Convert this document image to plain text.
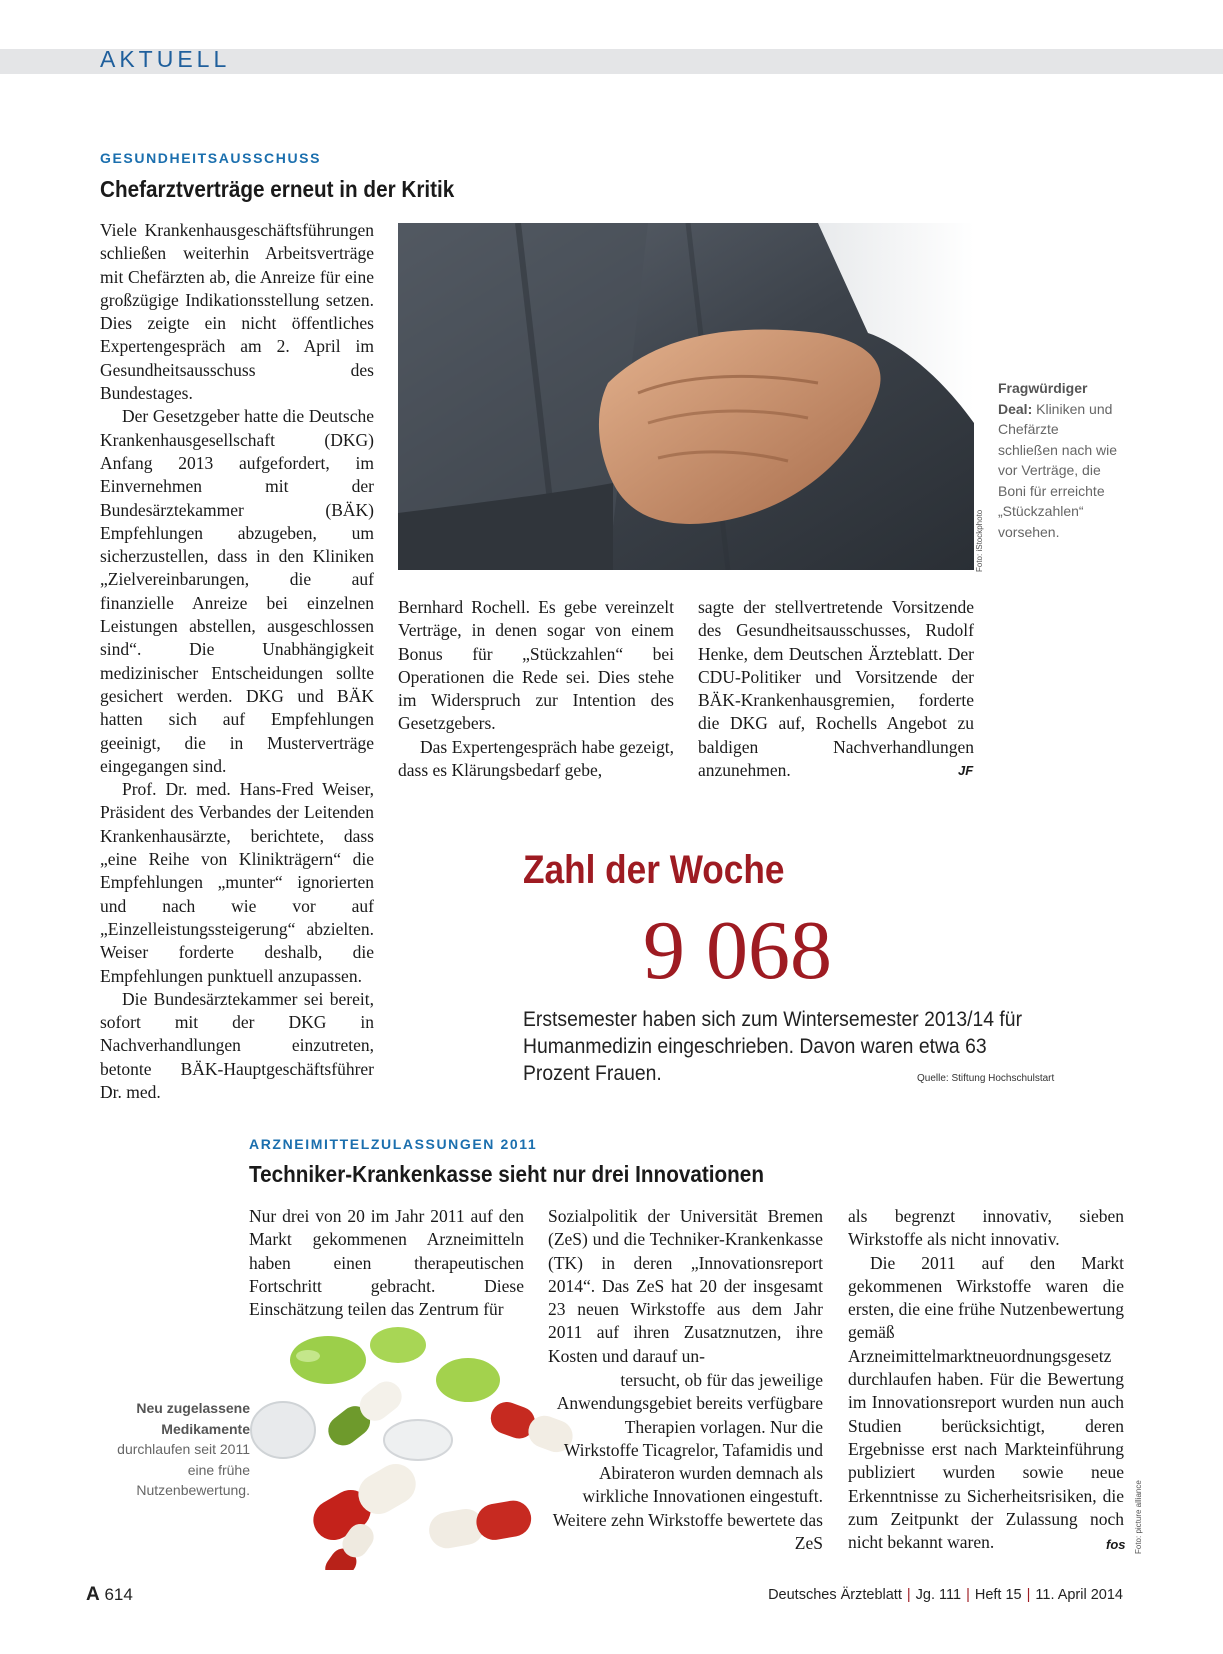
AKTUELL
GESUNDHEITSAUSSCHUSS
Chefarztverträge erneut in der Kritik

Viele Krankenhausgeschäftsführungen schließen weiterhin Arbeitsverträge mit Chefärzten ab, die Anreize für eine großzügige Indikationsstellung setzen. Dies zeigte ein nicht öffentliches Expertengespräch am 2. April im Gesundheitsausschuss des Bundestages.

Der Gesetzgeber hatte die Deutsche Krankenhausgesellschaft (DKG) Anfang 2013 aufgefordert, im Einvernehmen mit der Bundesärztekammer (BÄK) Empfehlungen abzugeben, um sicherzustellen, dass in den Kliniken „Zielvereinbarungen, die auf finanzielle Anreize bei einzelnen Leistungen abstellen, ausgeschlossen sind“. Die Unabhängigkeit medizinischer Entscheidungen sollte gesichert werden. DKG und BÄK hatten sich auf Empfehlungen geeinigt, die in Musterverträge eingegangen sind.

Prof. Dr. med. Hans-Fred Weiser, Präsident des Verbandes der Leitenden Krankenhausärzte, berichtete, dass „eine Reihe von Klinikträgern“ die Empfehlungen „munter“ ignorierten und nach wie vor auf „Einzelleistungssteigerung“ abzielten. Weiser forderte deshalb, die Empfehlungen punktuell anzupassen.

Die Bundesärztekammer sei bereit, sofort mit der DKG in Nachverhandlungen einzutreten, betonte BÄK-Hauptgeschäftsführer Dr. med.

Foto: iStockphoto
Fragwürdiger Deal: Kliniken und Chefärzte schließen nach wie vor Verträge, die Boni für erreichte „Stückzahlen“ vorsehen.

Bernhard Rochell. Es gebe vereinzelt Verträge, in denen sogar von einem Bonus für „Stückzahlen“ bei Operationen die Rede sei. Dies stehe im Widerspruch zur Intention des Gesetzgebers.

Das Expertengespräch habe gezeigt, dass es Klärungsbedarf gebe,

sagte der stellvertretende Vorsitzende des Gesundheitsausschusses, Rudolf Henke, dem Deutschen Ärzteblatt. Der CDU-Politiker und Vorsitzende der BÄK-Krankenhausgremien, forderte die DKG auf, Rochells Angebot zu baldigen Nachverhandlungen anzunehmen.	JF
Zahl der Woche
9 068
Erstsemester haben sich zum Wintersemester 2013/14 für Humanmedizin eingeschrieben. Davon waren etwa 63 Prozent Frauen.	Quelle: Stiftung Hochschulstart
ARZNEIMITTELZULASSUNGEN 2011
Techniker-Krankenkasse sieht nur drei Innovationen
Neu zugelassene Medikamente durchlaufen seit 2011 eine frühe Nutzenbewertung.

Nur drei von 20 im Jahr 2011 auf den Markt gekommenen Arzneimitteln haben einen therapeutischen Fortschritt gebracht. Diese Einschätzung teilen das Zentrum für

Sozialpolitik der Universität Bremen (ZeS) und die Techniker-Krankenkasse (TK) in deren „Innovationsreport 2014“. Das ZeS hat 20 der insgesamt 23 neuen Wirkstoffe aus dem Jahr 2011 auf ihren Zusatznutzen, ihre Kosten und darauf un-

tersucht, ob für das jeweilige Anwendungsgebiet bereits verfügbare Therapien vorlagen. Nur die Wirkstoffe Ticagrelor, Tafamidis und Abirateron wurden demnach als wirkliche Innovationen eingestuft. Weitere zehn Wirkstoffe bewertete das ZeS

als begrenzt innovativ, sieben Wirkstoffe als nicht innovativ.

Die 2011 auf den Markt gekommenen Wirkstoffe waren die ersten, die eine frühe Nutzenbewertung gemäß Arzneimittelmarktneuordnungsgesetz durchlaufen haben. Für die Bewertung im Innovationsreport wurden nun auch Studien berücksichtigt, deren Ergebnisse erst nach Markteinführung publiziert wurden sowie neue Erkenntnisse zu Sicherheitsrisiken, die zum Zeitpunkt der Zulassung noch nicht bekannt waren.	fos Foto: picture alliance
A 614	Deutsches Ärzteblatt | Jg. 111 | Heft 15 | 11. April 2014
